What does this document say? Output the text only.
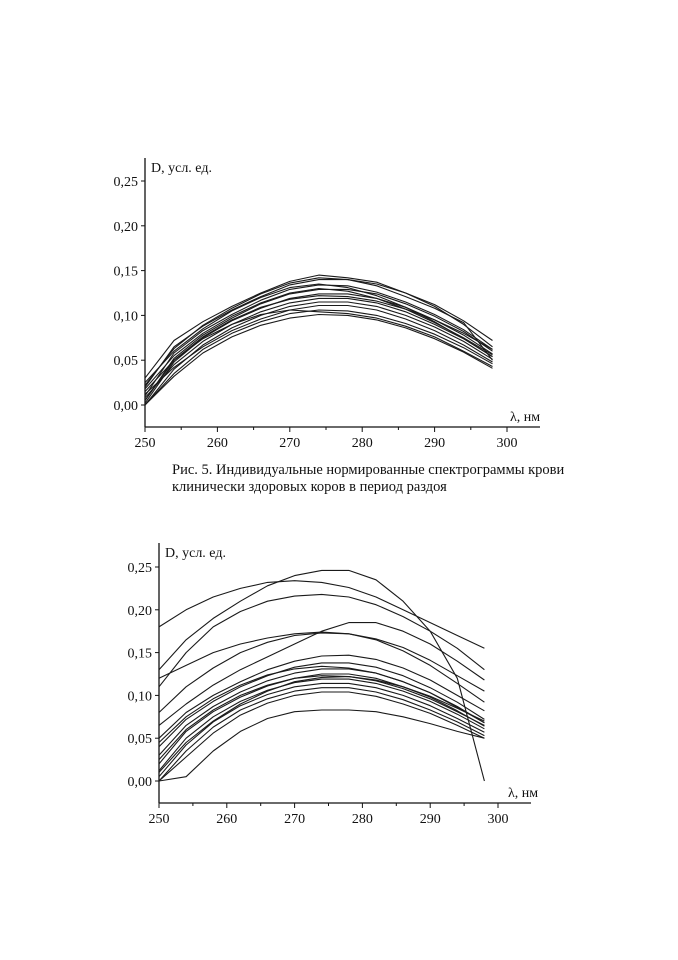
0,00
0,05
0,10
0,15
0,20
0,25
250	260	270	280	290	300
D, усл. ед.
λ, нм
Рис. 5. Индивидуальные нормированные спектрограммы крови клинически здоровых коров в период раздоя
0,00
0,05
0,10
0,15
0,20
0,25
250	260	270	280	290	300
D, усл. ед.
λ, нм
